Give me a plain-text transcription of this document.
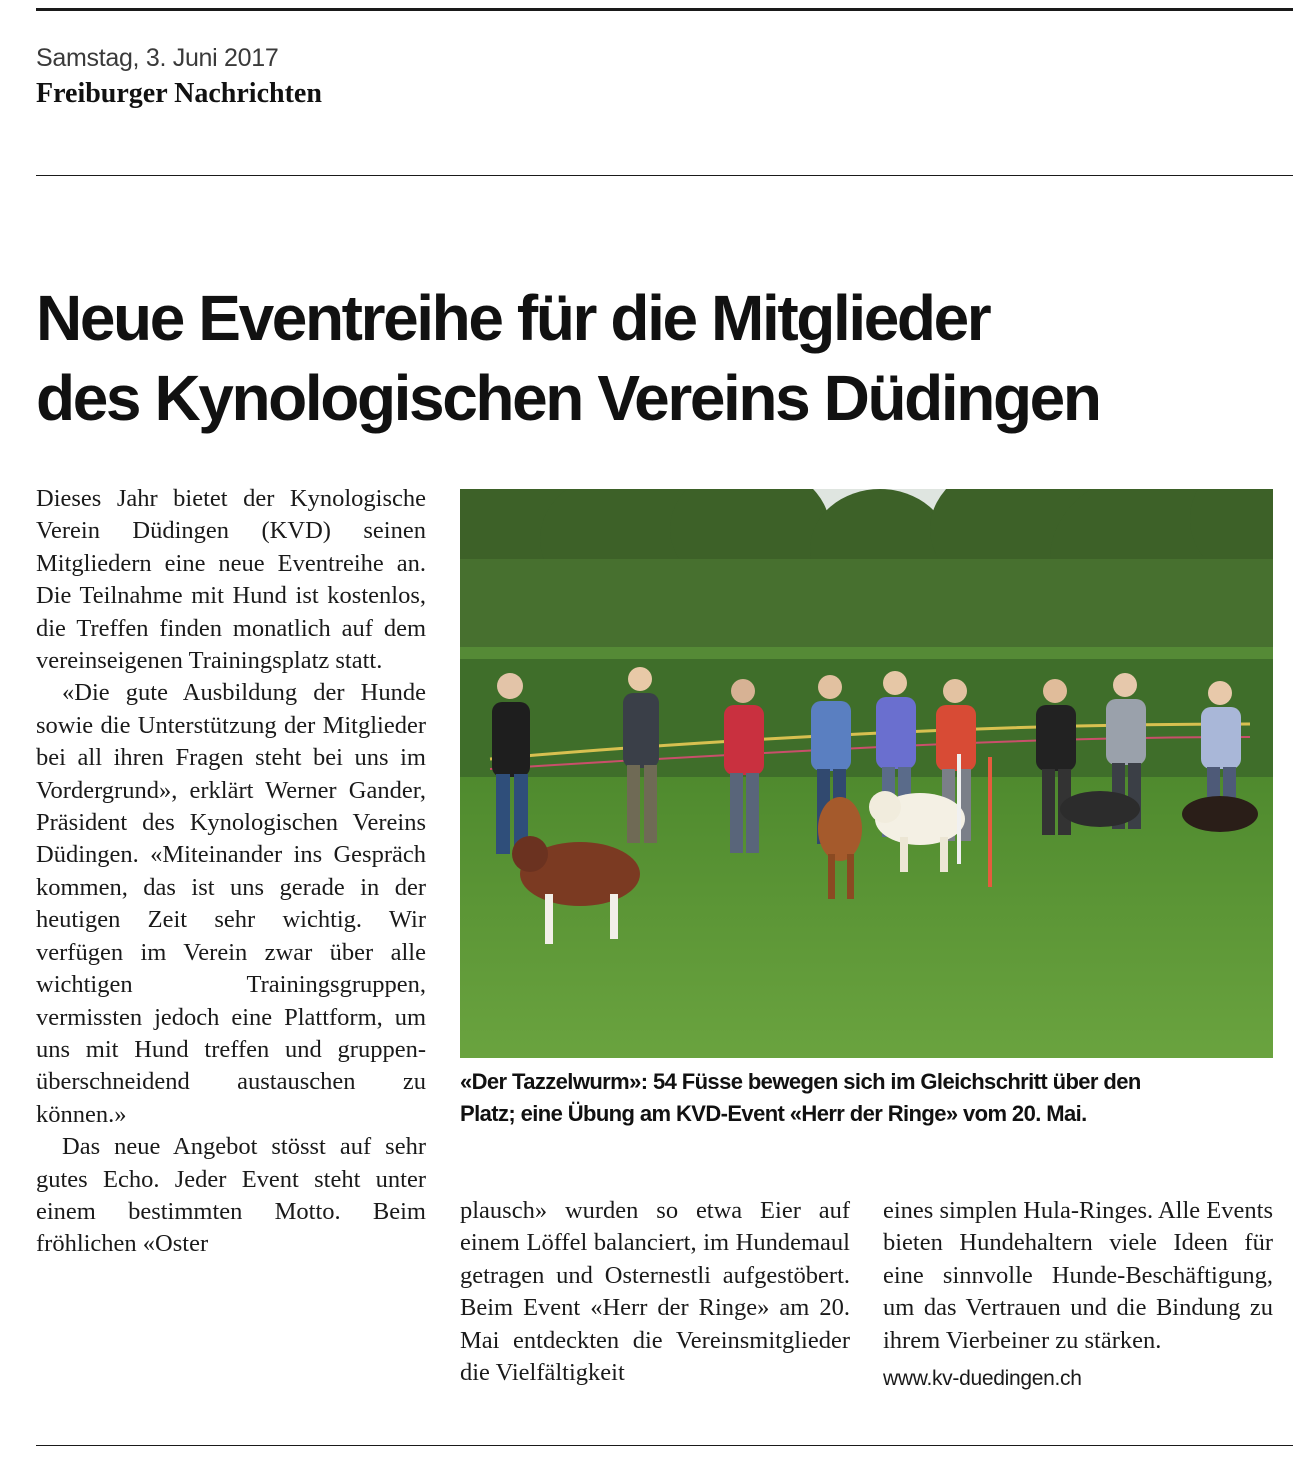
Samstag, 3. Juni 2017
Freiburger Nachrichten
Neue Eventreihe für die Mitglieder
des Kynologischen Vereins Düdingen

Dieses Jahr bietet der Kynologische Verein Düdingen (KVD) seinen Mitgliedern eine neue Eventreihe an. Die Teilnahme mit Hund ist kostenlos, die Treffen finden monatlich auf dem vereinseigenen Trainingsplatz statt.

«Die gute Ausbildung der Hunde sowie die Unterstützung der Mitglieder bei all ihren Fragen steht bei uns im Vordergrund», erklärt Werner Gander, Präsident des Kynologischen Vereins Düdingen. «Miteinander ins Gespräch kommen, das ist uns gerade in der heutigen Zeit sehr wichtig. Wir verfügen im Verein zwar über alle wichtigen Trainingsgruppen, vermissten jedoch eine Plattform, um uns mit Hund treffen und gruppenüberschneidend austauschen zu können.»

Das neue Angebot stösst auf sehr gutes Echo. Jeder Event steht unter einem bestimmten Motto. Beim fröhlichen «Oster

«Der Tazzelwurm»: 54 Füsse bewegen sich im Gleichschritt über den
Platz; eine Übung am KVD-Event «Herr der Ringe» vom 20. Mai.

plausch» wurden so etwa Eier auf einem Löffel balanciert, im Hundemaul getragen und Osternestli aufgestöbert. Beim Event «Herr der Ringe» am 20. Mai entdeckten die Vereinsmitglieder die Vielfältigkeit

eines simplen Hula-Ringes. Alle Events bieten Hundehaltern viele Ideen für eine sinnvolle Hunde-Beschäftigung, um das Vertrauen und die Bindung zu ihrem Vierbeiner zu stärken.

www.kv-duedingen.ch
